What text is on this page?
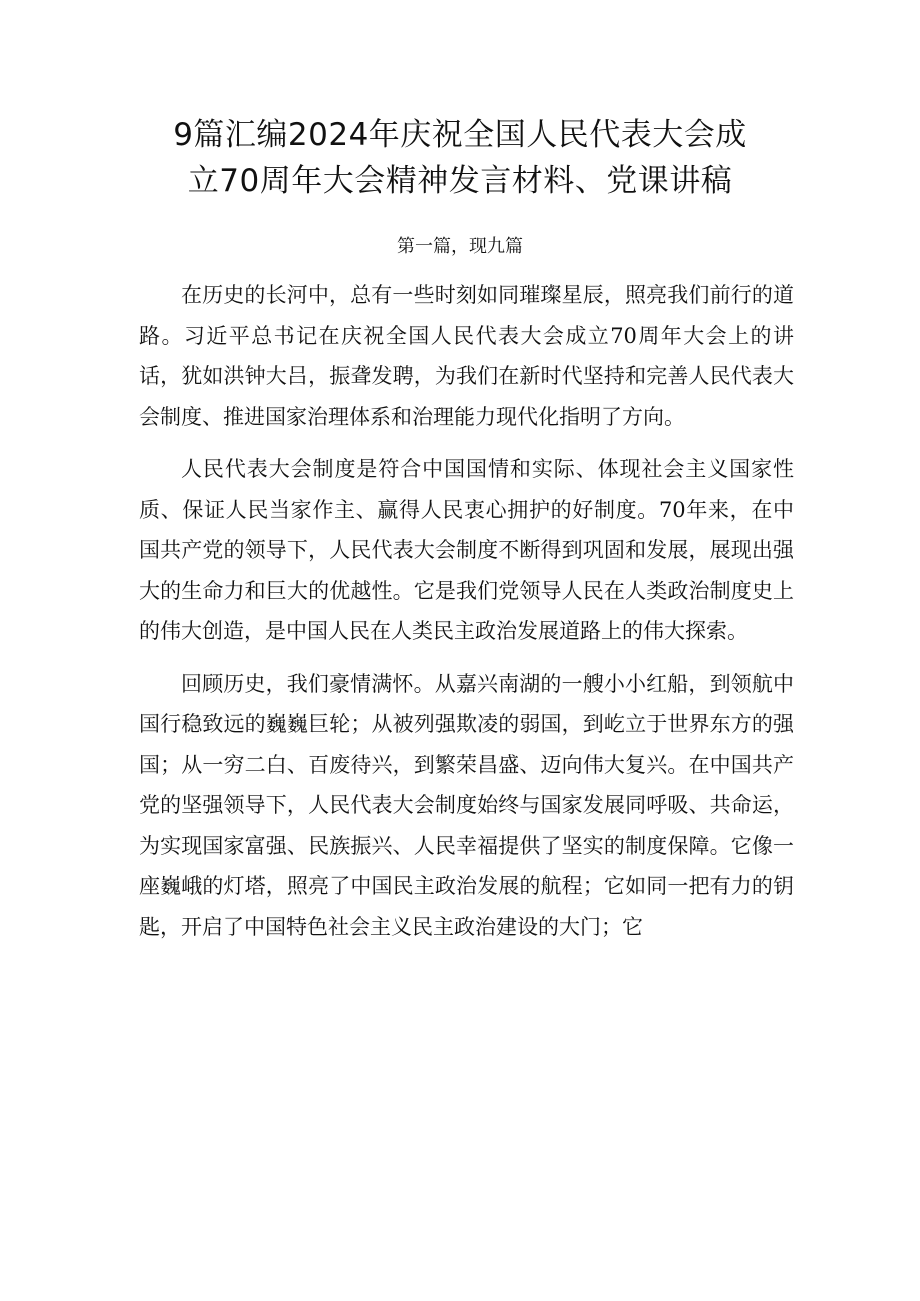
9篇汇编2024年庆祝全国人民代表大会成
立70周年大会精神发言材料、党课讲稿
第一篇，现九篇

在历史的长河中，总有一些时刻如同璀璨星辰，照亮我们前行的道路。习近平总书记在庆祝全国人民代表大会成立70周年大会上的讲话，犹如洪钟大吕，振聋发聘，为我们在新时代坚持和完善人民代表大会制度、推进国家治理体系和治理能力现代化指明了方向。

人民代表大会制度是符合中国国情和实际、体现社会主义国家性质、保证人民当家作主、赢得人民衷心拥护的好制度。70年来，在中国共产党的领导下，人民代表大会制度不断得到巩固和发展，展现出强大的生命力和巨大的优越性。它是我们党领导人民在人类政治制度史上的伟大创造，是中国人民在人类民主政治发展道路上的伟大探索。

回顾历史，我们豪情满怀。从嘉兴南湖的一艘小小红船，到领航中国行稳致远的巍巍巨轮；从被列强欺凌的弱国，到屹立于世界东方的强国；从一穷二白、百废待兴，到繁荣昌盛、迈向伟大复兴。在中国共产党的坚强领导下，人民代表大会制度始终与国家发展同呼吸、共命运，为实现国家富强、民族振兴、人民幸福提供了坚实的制度保障。它像一座巍峨的灯塔，照亮了中国民主政治发展的航程；它如同一把有力的钥匙，开启了中国特色社会主义民主政治建设的大门；它
